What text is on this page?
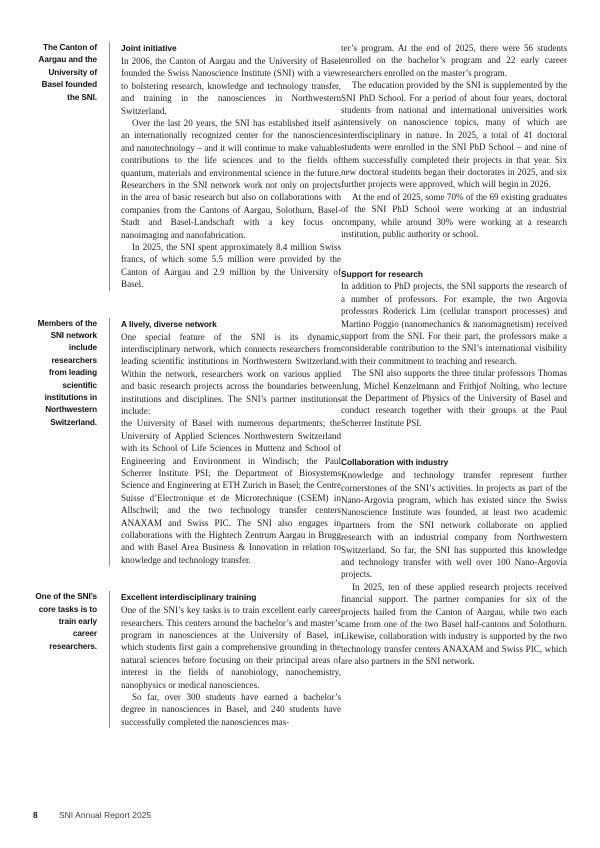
The Canton of Aargau and the University of Basel founded the SNI.
Joint initiative

In 2006, the Canton of Aargau and the University of Basel founded the Swiss Nanoscience Institute (SNI) with a view to bolstering research, knowledge and technology transfer, and training in the nanosciences in Northwestern Switzerland.

Over the last 20 years, the SNI has established itself as an internationally recognized center for the nanosciences and nanotechnology – and it will continue to make valuable contributions to the life sciences and to the fields of quantum, materials and environmental science in the future. Researchers in the SNI network work not only on projects in the area of basic research but also on collaborations with companies from the Cantons of Aargau, Solothurn, Basel-Stadt and Basel-Landschaft with a key focus on nanoimaging and nanofabrication.

In 2025, the SNI spent approximately 8.4 million Swiss francs, of which some 5.5 million were provided by the Canton of Aargau and 2.9 million by the University of Basel.

Members of the SNI network include researchers from leading scientific institutions in Northwestern Switzerland.
A lively, diverse network

One special feature of the SNI is its dynamic, interdisciplinary network, which connects researchers from leading scientific institutions in Northwestern Switzerland. Within the network, researchers work on various applied and basic research projects across the boundaries between institutions and disciplines. The SNI’s partner institutions include:

the University of Basel with numerous departments; the University of Applied Sciences Northwestern Switzerland with its School of Life Sciences in Muttenz and School of Engineering and Environment in Windisch; the Paul Scherrer Institute PSI; the Department of Biosystems Science and Engineering at ETH Zurich in Basel; the Centre Suisse d’Electronique et de Microtechnique (CSEM) in Allschwil; and the two technology transfer centers ANAXAM and Swiss PIC. The SNI also engages in collaborations with the Hightech Zentrum Aargau in Brugg and with Basel Area Business & Innovation in relation to knowledge and technology transfer.

One of the SNI’s core tasks is to train early career researchers.
Excellent interdisciplinary training

One of the SNI’s key tasks is to train excellent early career researchers. This centers around the bachelor’s and master’s program in nanosciences at the University of Basel, in which students first gain a comprehensive grounding in the natural sciences before focusing on their principal areas of interest in the fields of nanobiology, nanochemistry, nanophysics or medical nanosciences.

So far, over 300 students have earned a bachelor’s degree in nanosciences in Basel, and 240 students have successfully completed the nanosciences mas-

ter’s program. At the end of 2025, there were 56 students enrolled on the bachelor’s program and 22 early career researchers enrolled on the master’s program.

The education provided by the SNI is supplemented by the SNI PhD School. For a period of about four years, doctoral students from national and international universities work intensively on nanoscience topics, many of which are interdisciplinary in nature. In 2025, a total of 41 doctoral students were enrolled in the SNI PhD School – and nine of them successfully completed their projects in that year. Six new doctoral students began their doctorates in 2025, and six further projects were approved, which will begin in 2026.

At the end of 2025, some 70% of the 69 existing graduates of the SNI PhD School were working at an industrial company, while around 30% were working at a research institution, public authority or school.

Support for research

In addition to PhD projects, the SNI supports the research of a number of professors. For example, the two Argovia professors Roderick Lim (cellular transport processes) and Martino Poggio (nanomechanics & nanomagnetism) received support from the SNI. For their part, the professors make a considerable contribution to the SNI’s international visibility with their commitment to teaching and research.

The SNI also supports the three titular professors Thomas Jung, Michel Kenzelmann and Frithjof Nolting, who lecture at the Department of Physics of the University of Basel and conduct research together with their groups at the Paul Scherrer Institute PSI.

Collaboration with industry

Knowledge and technology transfer represent further cornerstones of the SNI’s activities. In projects as part of the Nano-Argovia program, which has existed since the Swiss Nanoscience Institute was founded, at least two academic partners from the SNI network collaborate on applied research with an industrial company from Northwestern Switzerland. So far, the SNI has supported this knowledge and technology transfer with well over 100 Nano-Argovia projects.

In 2025, ten of these applied research projects received financial support. The partner companies for six of the projects hailed from the Canton of Aargau, while two each came from one of the two Basel half-cantons and Solothurn. Likewise, collaboration with industry is supported by the two technology transfer centers ANAXAM and Swiss PIC, which are also partners in the SNI network.

8	SNI Annual Report 2025
